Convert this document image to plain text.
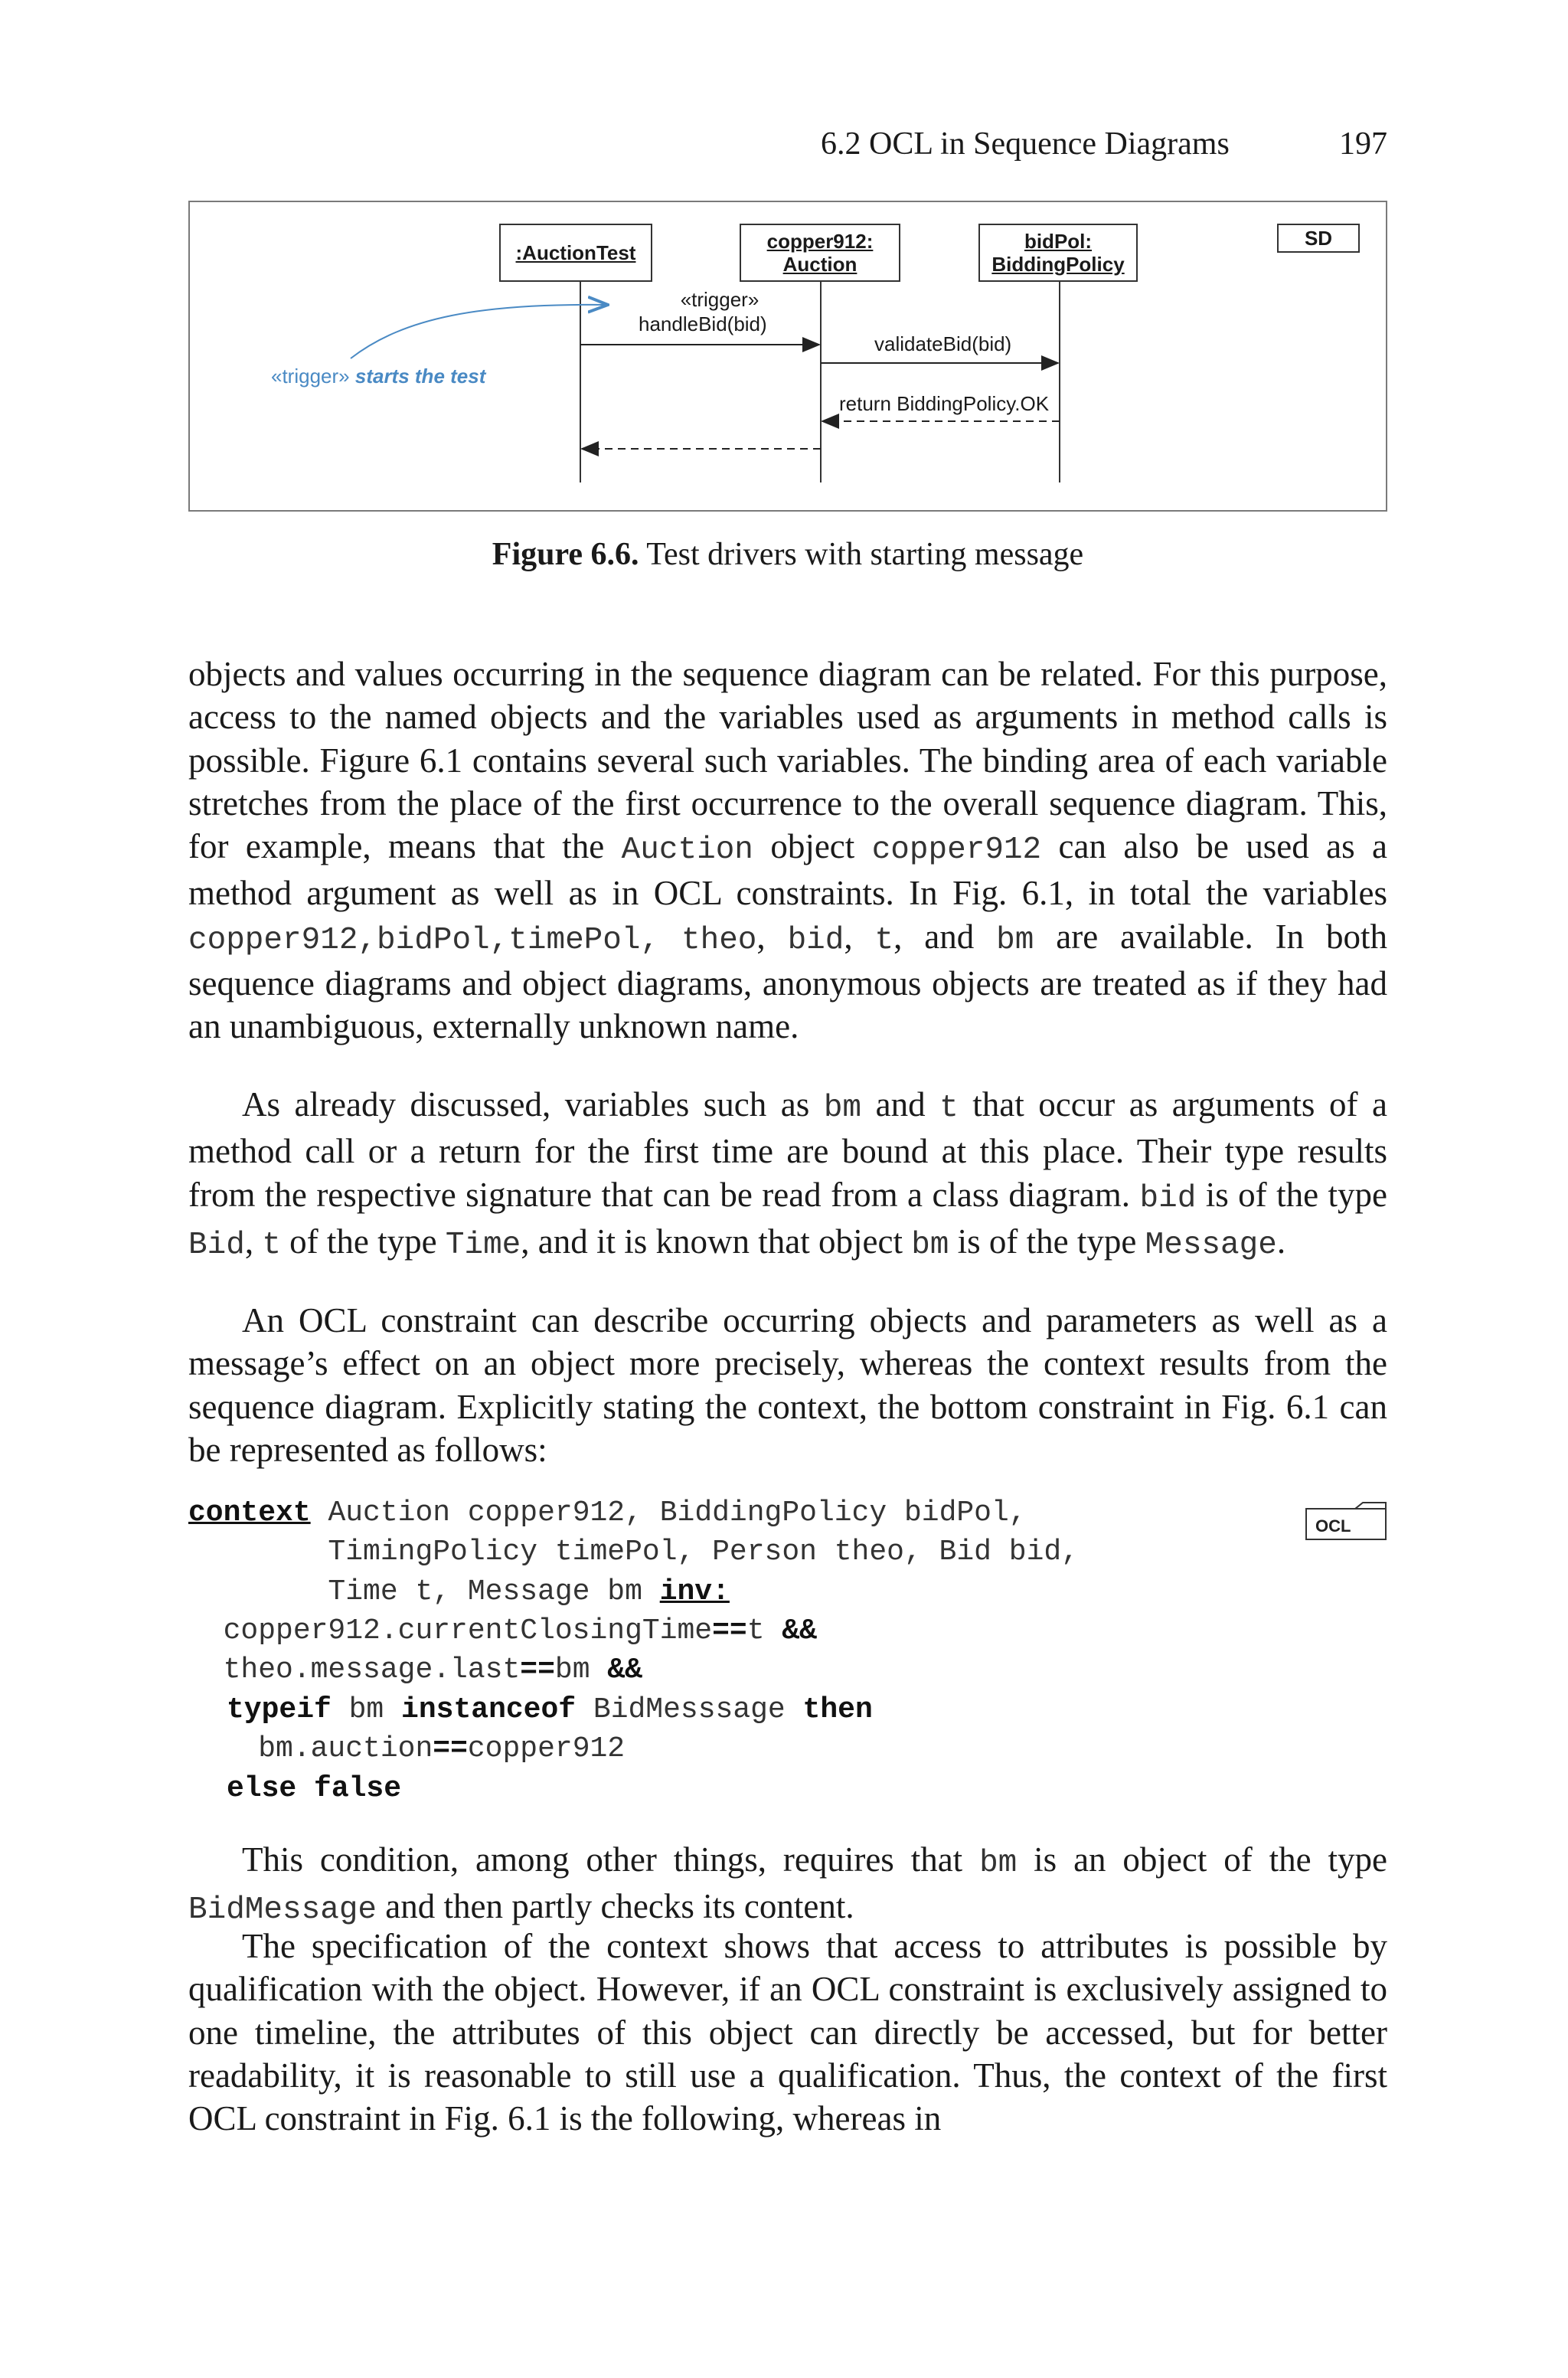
6.2 OCL in Sequence Diagrams	197
:AuctionTest	copper912:
Auction
bidPol:
BiddingPolicy
SD
«trigger»
handleBid(bid)
validateBid(bid)
return BiddingPolicy.OK
«trigger» starts the test
Figure 6.6. Test drivers with starting message
objects and values occurring in the sequence diagram can be related. For this purpose, access to the named objects and the variables used as arguments in method calls is possible. Figure 6.1 contains several such variables. The binding area of each variable stretches from the place of the first occurrence to the overall sequence diagram. This, for example, means that the Auction object copper912 can also be used as a method argument as well as in OCL constraints. In Fig. 6.1, in total the variables copper912,bidPol,timePol, theo, bid, t, and bm are available. In both sequence diagrams and object diagrams, anonymous objects are treated as if they had an unambiguous, externally unknown name.
As already discussed, variables such as bm and t that occur as arguments of a method call or a return for the first time are bound at this place. Their type results from the respective signature that can be read from a class diagram. bid is of the type Bid, t of the type Time, and it is known that object bm is of the type Message.
An OCL constraint can describe occurring objects and parameters as well as a message’s effect on an object more precisely, whereas the context results from the sequence diagram. Explicitly stating the context, the bottom constraint in Fig. 6.1 can be represented as follows:
context Auction copper912, BiddingPolicy bidPol,
TimingPolicy timePol, Person theo, Bid bid,
Time t, Message bm inv:
copper912.currentClosingTime==t &&
theo.message.last==bm &&
typeif bm instanceof BidMesssage then
bm.auction==copper912
else false
OCL
This condition, among other things, requires that bm is an object of the type BidMessage and then partly checks its content.
The specification of the context shows that access to attributes is possible by qualification with the object. However, if an OCL constraint is exclusively assigned to one timeline, the attributes of this object can directly be accessed, but for better readability, it is reasonable to still use a qualification. Thus, the context of the first OCL constraint in Fig. 6.1 is the following, whereas in
